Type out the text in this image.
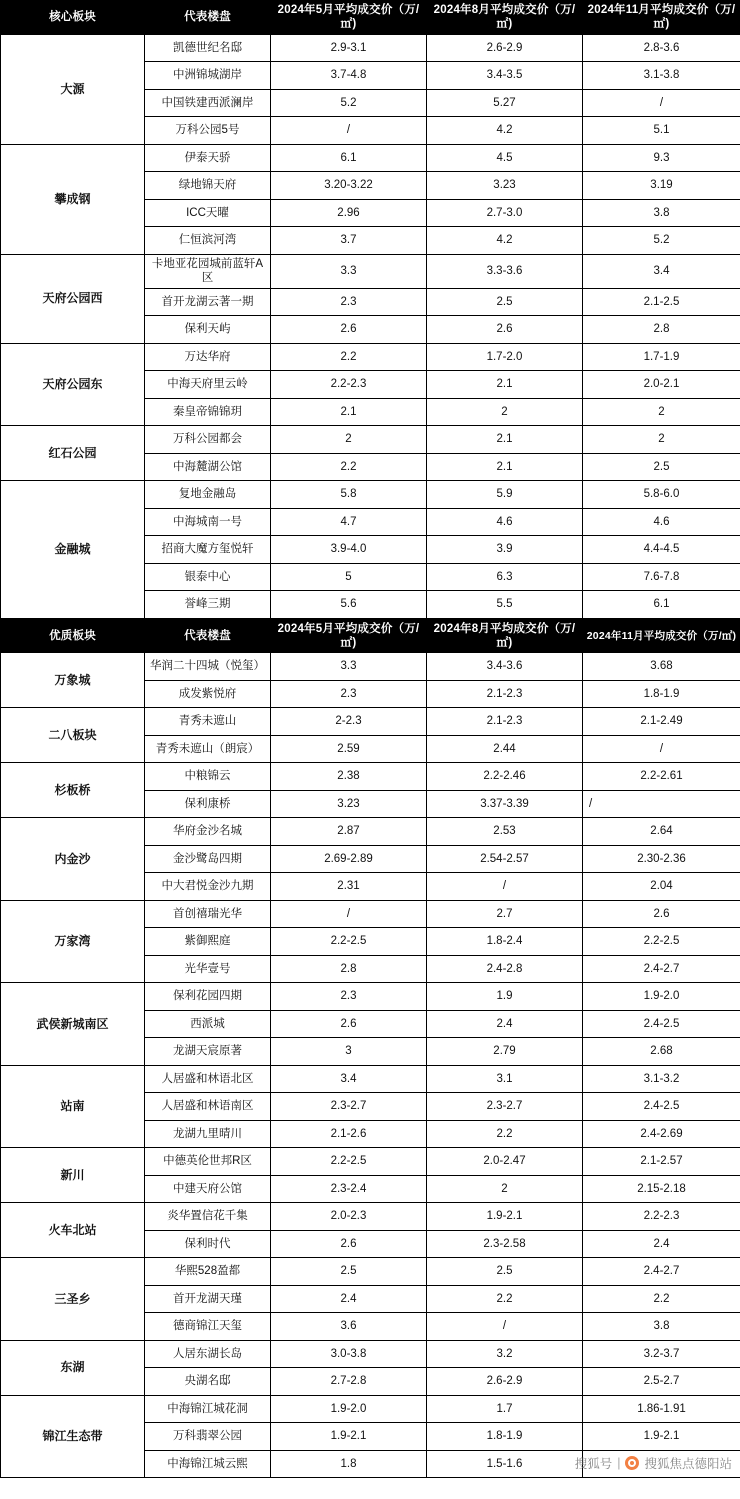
核心板块	代表楼盘	2024年5月平均成交价（万/㎡)	2024年8月平均成交价（万/㎡)	2024年11月平均成交价（万/㎡)
大源	凯德世纪名邸	2.9-3.1	2.6-2.9	2.8-3.6
	中洲锦城湖岸	3.7-4.8	3.4-3.5	3.1-3.8
	中国铁建西派澜岸	5.2	5.27	/
	万科公园5号	/	4.2	5.1
攀成钢	伊泰天骄	6.1	4.5	9.3
	绿地锦天府	3.20-3.22	3.23	3.19
	ICC天曜	2.96	2.7-3.0	3.8
	仁恒滨河湾	3.7	4.2	5.2
天府公园西	卡地亚花园城前蓝轩A区	3.3	3.3-3.6	3.4
	首开龙湖云著一期	2.3	2.5	2.1-2.5
	保利天屿	2.6	2.6	2.8
天府公园东	万达华府	2.2	1.7-2.0	1.7-1.9
	中海天府里云岭	2.2-2.3	2.1	2.0-2.1
	秦皇帝锦锦玥	2.1	2	2
红石公园	万科公园都会	2	2.1	2
	中海麓湖公馆	2.2	2.1	2.5
金融城	复地金融岛	5.8	5.9	5.8-6.0
	中海城南一号	4.7	4.6	4.6
	招商大魔方玺悦轩	3.9-4.0	3.9	4.4-4.5
	银泰中心	5	6.3	7.6-7.8
	誉峰三期	5.6	5.5	6.1
优质板块	代表楼盘	2024年5月平均成交价（万/㎡)	2024年8月平均成交价（万/㎡)	2024年11月平均成交价（万/㎡)
万象城	华润二十四城（悦玺）	3.3	3.4-3.6	3.68
	成发紫悦府	2.3	2.1-2.3	1.8-1.9
二八板块	青秀未遮山	2-2.3	2.1-2.3	2.1-2.49
	青秀未遮山（朗宸）	2.59	2.44	/
杉板桥	中粮锦云	2.38	2.2-2.46	2.2-2.61
	保利康桥	3.23	3.37-3.39	/
内金沙	华府金沙名城	2.87	2.53	2.64
	金沙鹭岛四期	2.69-2.89	2.54-2.57	2.30-2.36
	中大君悦金沙九期	2.31	/	2.04
万家湾	首创禧瑞光华	/	2.7	2.6
	紫御熙庭	2.2-2.5	1.8-2.4	2.2-2.5
	光华壹号	2.8	2.4-2.8	2.4-2.7
武侯新城南区	保利花园四期	2.3	1.9	1.9-2.0
	西派城	2.6	2.4	2.4-2.5
	龙湖天宸原著	3	2.79	2.68
站南	人居盛和林语北区	3.4	3.1	3.1-3.2
	人居盛和林语南区	2.3-2.7	2.3-2.7	2.4-2.5
	龙湖九里晴川	2.1-2.6	2.2	2.4-2.69
新川	中德英伦世邦R区	2.2-2.5	2.0-2.47	2.1-2.57
	中建天府公馆	2.3-2.4	2	2.15-2.18
火车北站	炎华置信花千集	2.0-2.3	1.9-2.1	2.2-2.3
	保利时代	2.6	2.3-2.58	2.4
三圣乡	华熙528盈都	2.5	2.5	2.4-2.7
	首开龙湖天瑾	2.4	2.2	2.2
	德商锦江天玺	3.6	/	3.8
东湖	人居东湖长岛	3.0-3.8	3.2	3.2-3.7
	央湖名邸	2.7-2.8	2.6-2.9	2.5-2.7
锦江生态带	中海锦江城花洞	1.9-2.0	1.7	1.86-1.91
	万科翡翠公园	1.9-2.1	1.8-1.9	1.9-2.1
	中海锦江城云熙	1.8	1.5-1.6		搜狐号 | 搜狐焦点德阳站
